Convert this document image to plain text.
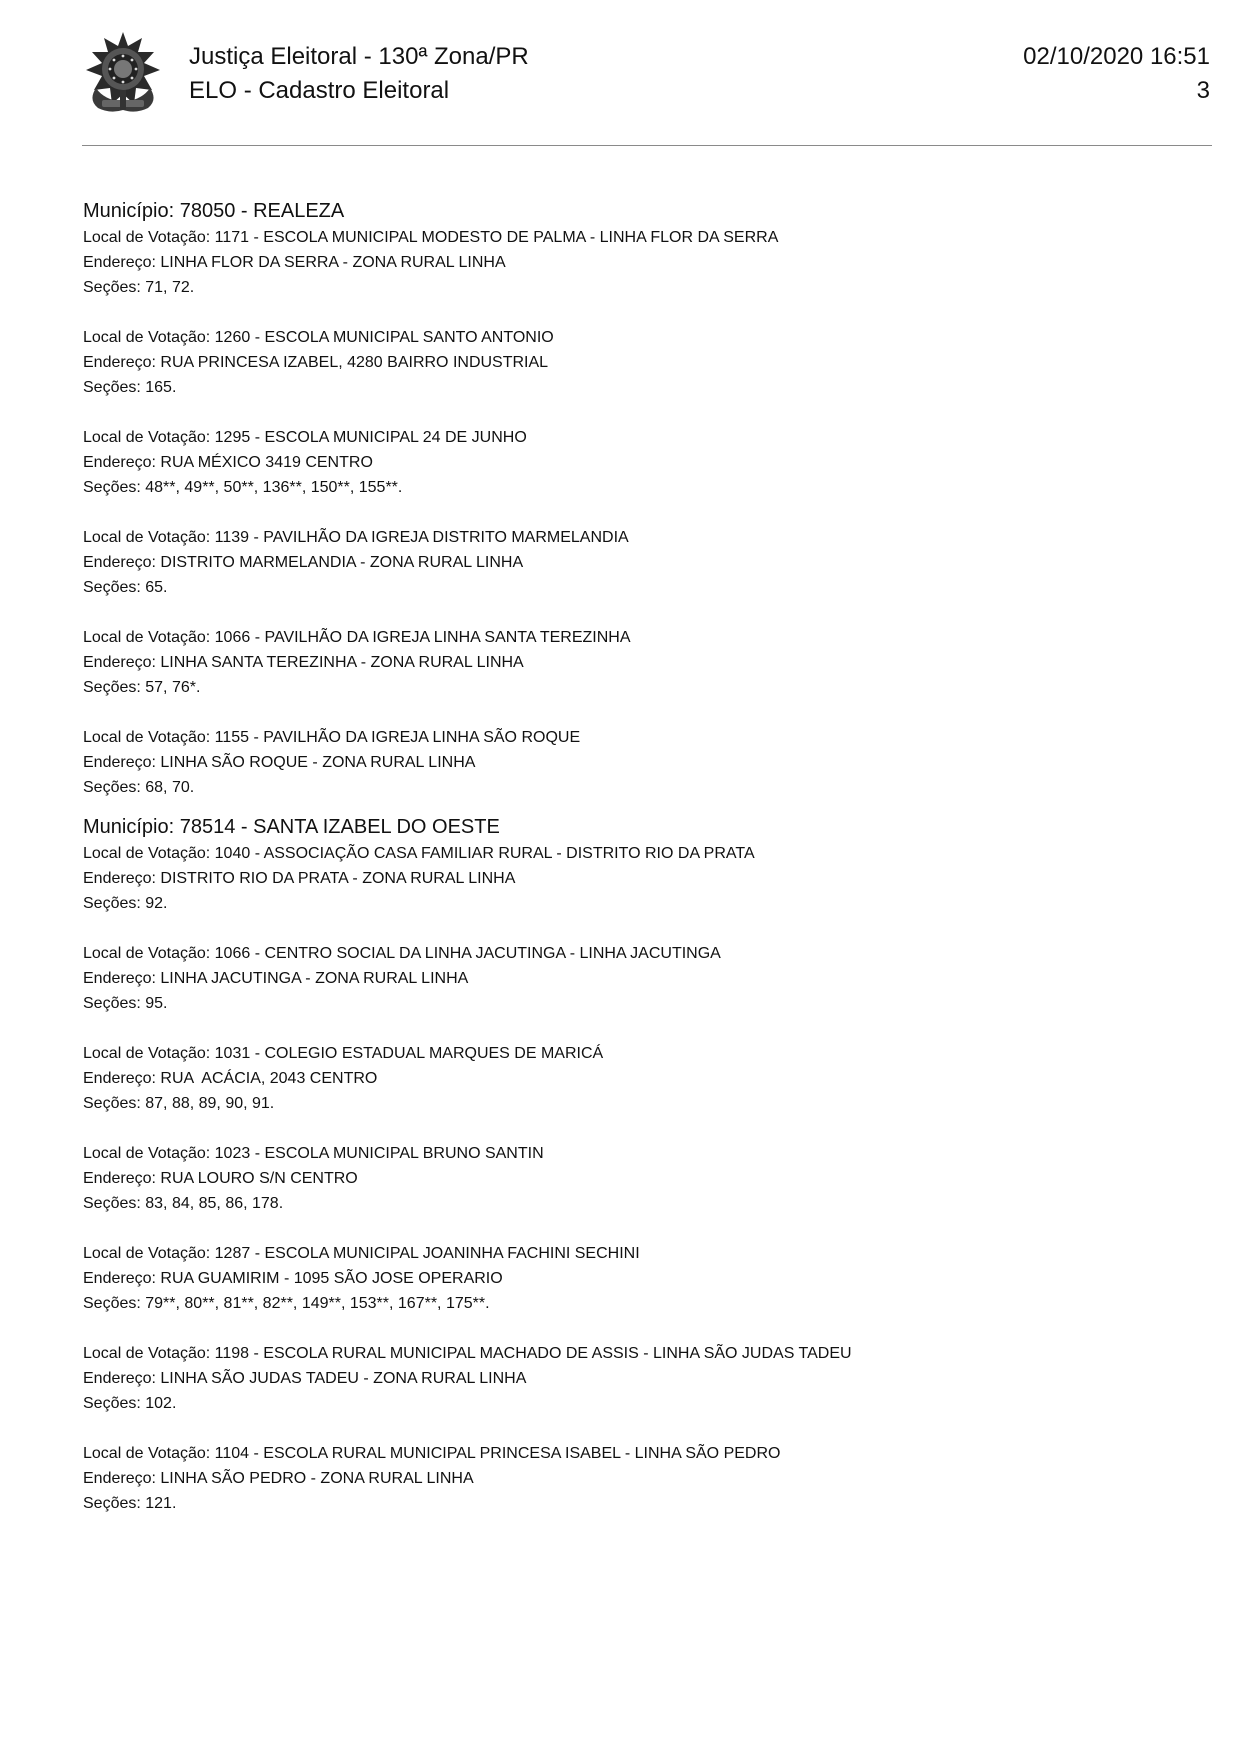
Justiça Eleitoral - 130ª Zona/PR
ELO - Cadastro Eleitoral
02/10/2020 16:51
3
Município: 78050 - REALEZA
Local de Votação: 1171 - ESCOLA MUNICIPAL MODESTO DE PALMA - LINHA FLOR DA SERRA
Endereço: LINHA FLOR DA SERRA - ZONA RURAL LINHA
Seções: 71, 72.
Local de Votação: 1260 - ESCOLA MUNICIPAL SANTO ANTONIO
Endereço: RUA PRINCESA IZABEL, 4280 BAIRRO INDUSTRIAL
Seções: 165.
Local de Votação: 1295 - ESCOLA MUNICIPAL 24 DE JUNHO
Endereço: RUA MÉXICO 3419 CENTRO
Seções: 48**, 49**, 50**, 136**, 150**, 155**.
Local de Votação: 1139 - PAVILHÃO DA IGREJA DISTRITO MARMELANDIA
Endereço: DISTRITO MARMELANDIA - ZONA RURAL LINHA
Seções: 65.
Local de Votação: 1066 - PAVILHÃO DA IGREJA LINHA SANTA TEREZINHA
Endereço: LINHA SANTA TEREZINHA - ZONA RURAL LINHA
Seções: 57, 76*.
Local de Votação: 1155 - PAVILHÃO DA IGREJA LINHA SÃO ROQUE
Endereço: LINHA SÃO ROQUE - ZONA RURAL LINHA
Seções: 68, 70.
Município: 78514 - SANTA IZABEL DO OESTE
Local de Votação: 1040 - ASSOCIAÇÃO CASA FAMILIAR RURAL - DISTRITO RIO DA PRATA
Endereço: DISTRITO RIO DA PRATA - ZONA RURAL LINHA
Seções: 92.
Local de Votação: 1066 - CENTRO SOCIAL DA LINHA JACUTINGA - LINHA JACUTINGA
Endereço: LINHA JACUTINGA - ZONA RURAL LINHA
Seções: 95.
Local de Votação: 1031 - COLEGIO ESTADUAL MARQUES DE MARICÁ
Endereço: RUA  ACÁCIA, 2043 CENTRO
Seções: 87, 88, 89, 90, 91.
Local de Votação: 1023 - ESCOLA MUNICIPAL BRUNO SANTIN
Endereço: RUA LOURO S/N CENTRO
Seções: 83, 84, 85, 86, 178.
Local de Votação: 1287 - ESCOLA MUNICIPAL JOANINHA FACHINI SECHINI
Endereço: RUA GUAMIRIM - 1095 SÃO JOSE OPERARIO
Seções: 79**, 80**, 81**, 82**, 149**, 153**, 167**, 175**.
Local de Votação: 1198 - ESCOLA RURAL MUNICIPAL MACHADO DE ASSIS - LINHA SÃO JUDAS TADEU
Endereço: LINHA SÃO JUDAS TADEU - ZONA RURAL LINHA
Seções: 102.
Local de Votação: 1104 - ESCOLA RURAL MUNICIPAL PRINCESA ISABEL - LINHA SÃO PEDRO
Endereço: LINHA SÃO PEDRO - ZONA RURAL LINHA
Seções: 121.
